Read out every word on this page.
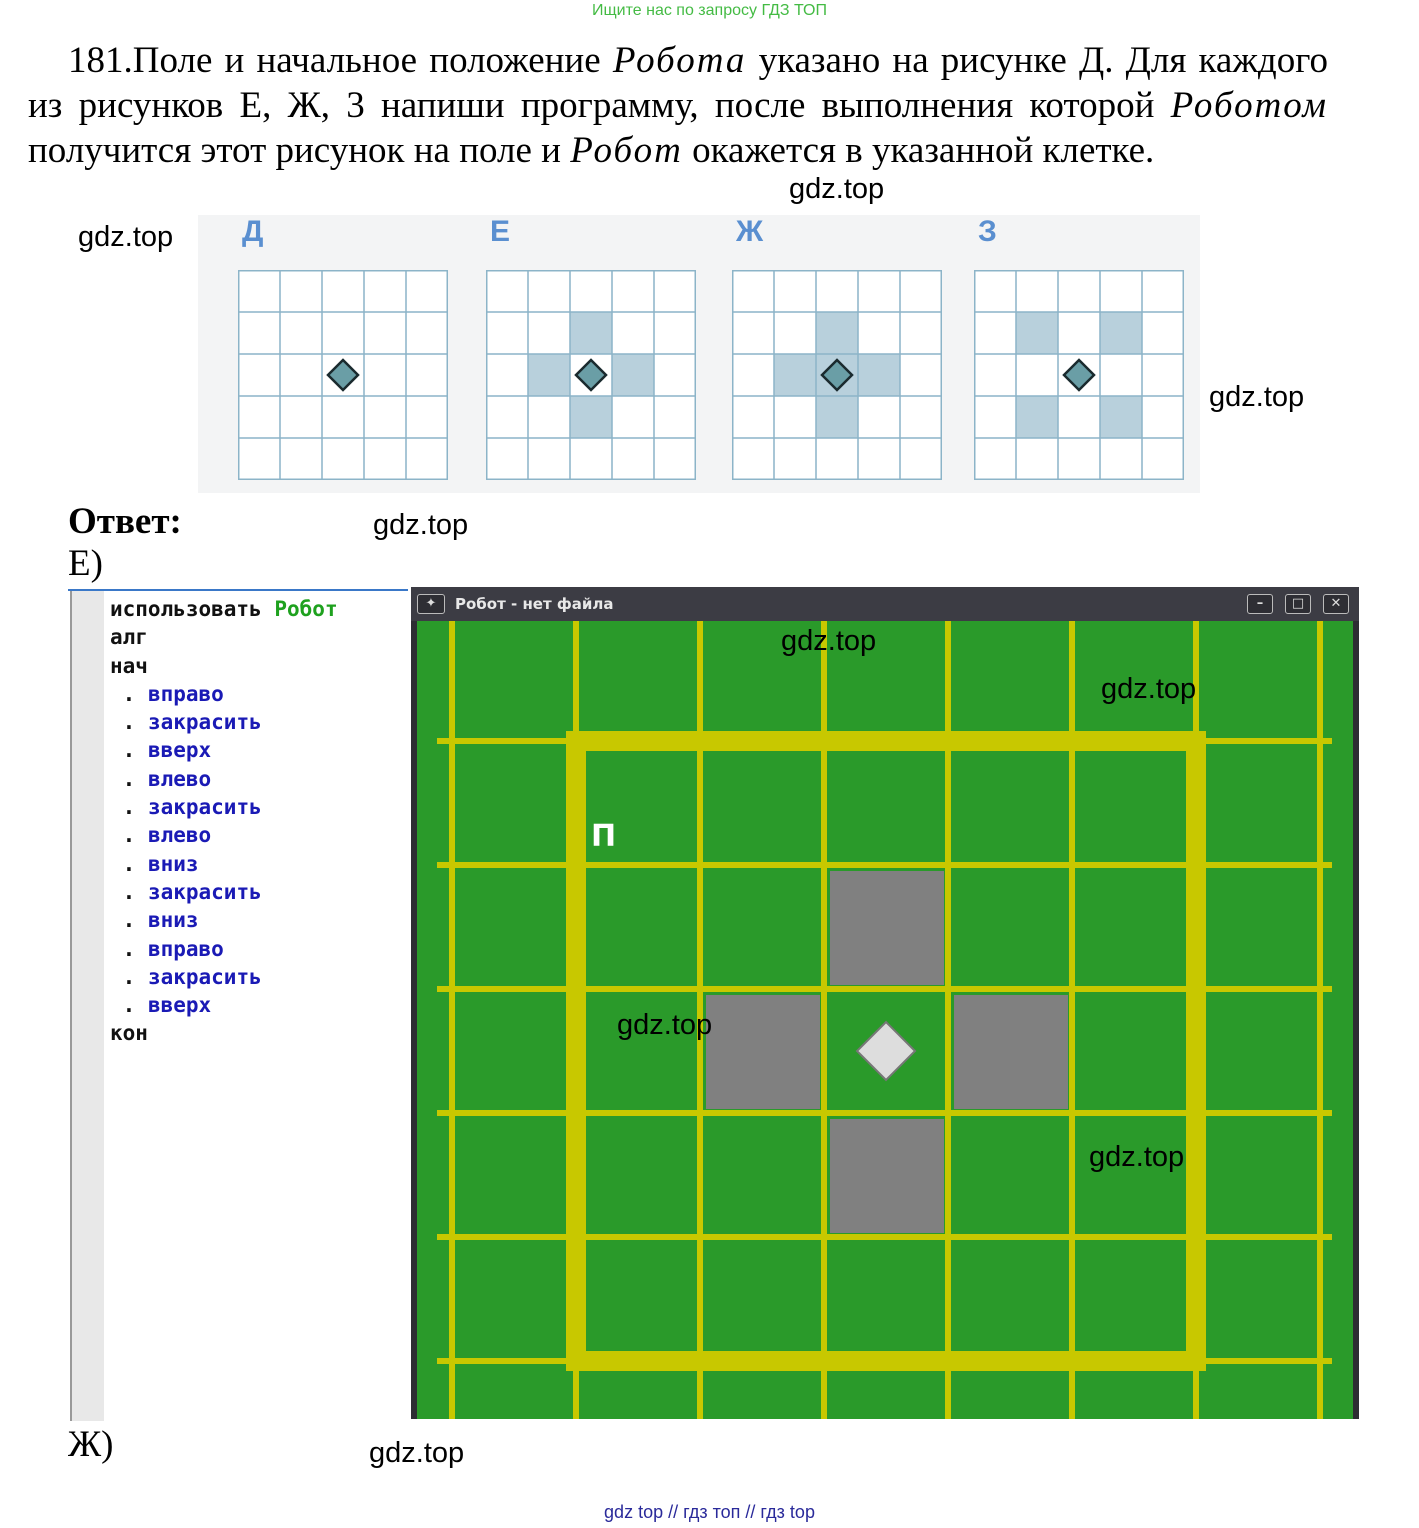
Ищите нас по запросу ГДЗ ТОП
181.Поле и начальное положение Робота указано на рисунке Д. Для каждого из рисунков Е, Ж, 3 напиши программу, после выполнения которой Роботом получится этот рисунок на поле и Робот окажется в указанной клетке.
gdz.top
gdz.top Д	Е	Ж	З
gdz.top
Ответ:	gdz.top
Е)
использовать Робот
алг
нач
. вправо
. закрасить
. вверх
. влево
. закрасить
. влево
. вниз
. закрасить
. вниз
. вправо
. закрасить
. вверх
кон
✦	Робот - нет файла	–	□	✕
gdz.top
gdz.top
gdz.top
gdz.top
П
Ж)	gdz.top
gdz top // гдз топ // гдз top
